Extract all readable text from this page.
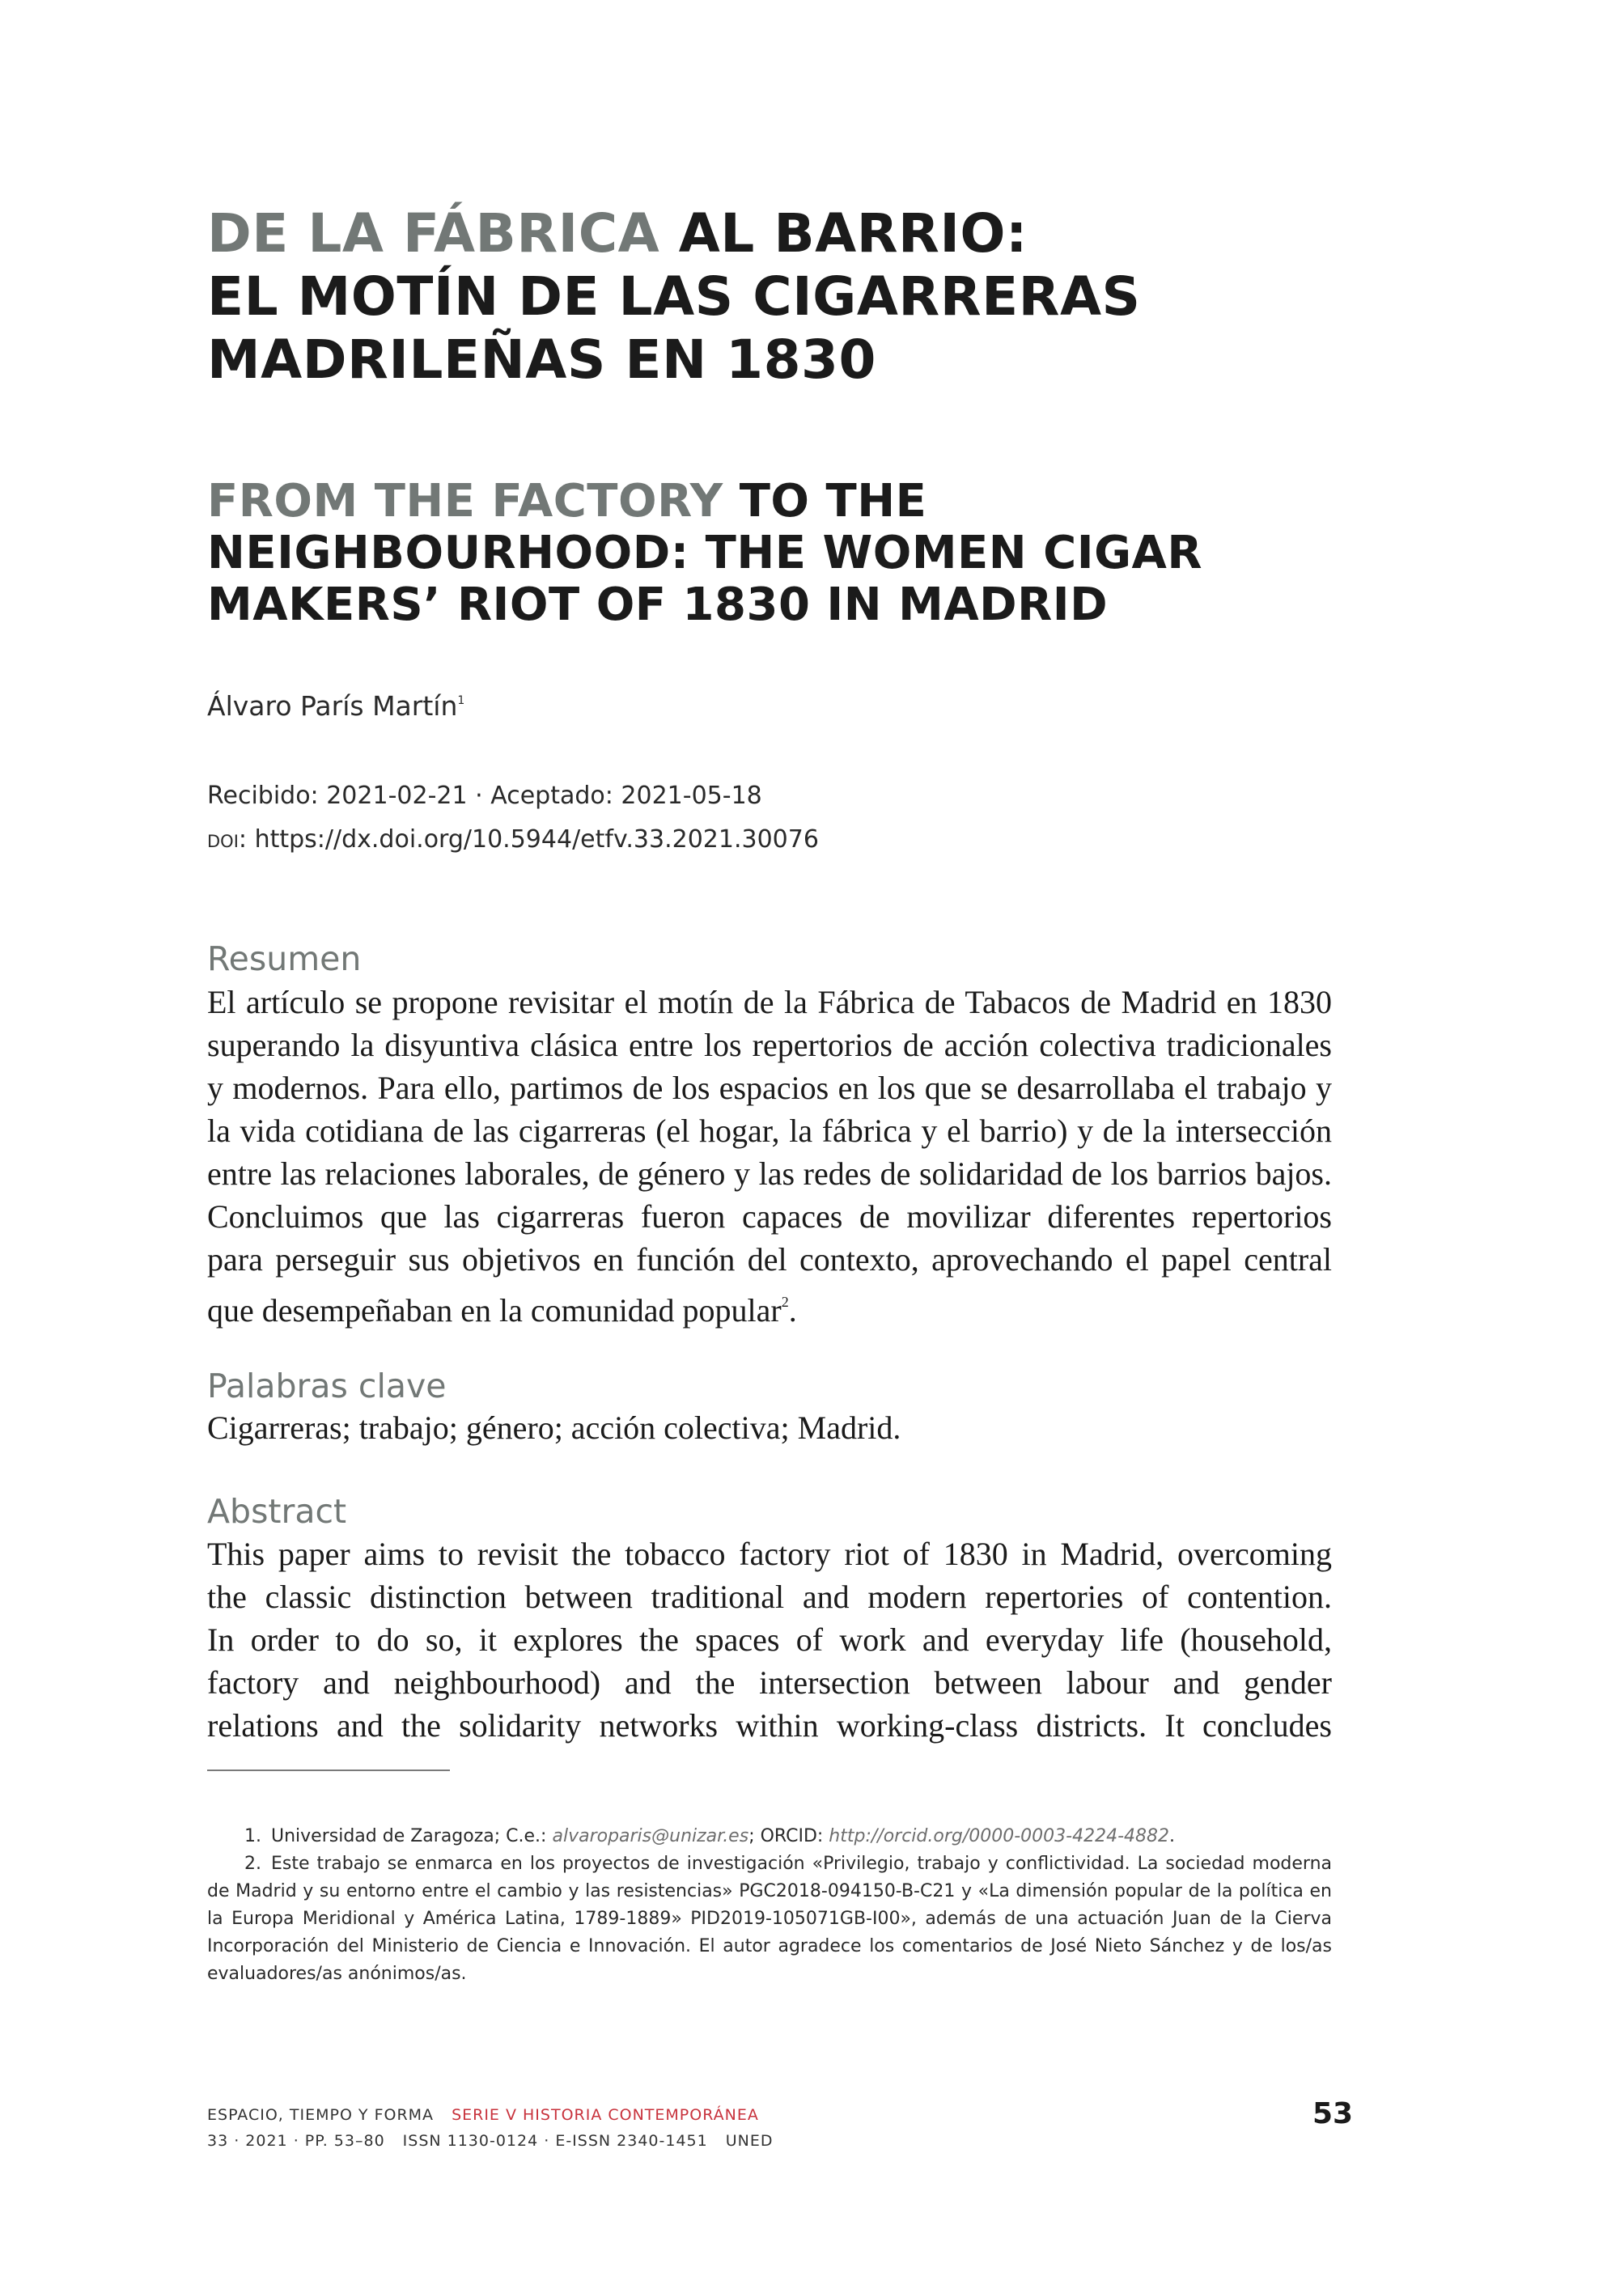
DE LA FÁBRICA AL BARRIO:
EL MOTÍN DE LAS CIGARRERAS
MADRILEÑAS EN 1830
FROM THE FACTORY TO THE
NEIGHBOURHOOD: THE WOMEN CIGAR
MAKERS’ RIOT OF 1830 IN MADRID
Álvaro París Martín$^1$
Recibido: 2021-02-21 · Aceptado: 2021-05-18
doi: https://dx.doi.org/10.5944/etfv.33.2021.30076
Resumen
El artículo se propone revisitar el motín de la Fábrica de Tabacos de Madrid en 1830
superando la disyuntiva clásica entre los repertorios de acción colectiva tradicionales
y modernos. Para ello, partimos de los espacios en los que se desarrollaba el trabajo y
la vida cotidiana de las cigarreras (el hogar, la fábrica y el barrio) y de la intersección
entre las relaciones laborales, de género y las redes de solidaridad de los barrios bajos.
Concluimos que las cigarreras fueron capaces de movilizar diferentes repertorios
para perseguir sus objetivos en función del contexto, aprovechando el papel central
que desempeñaban en la comunidad popular$^2$.
Palabras clave
Cigarreras; trabajo; género; acción colectiva; Madrid.
Abstract
This paper aims to revisit the tobacco factory riot of 1830 in Madrid, overcoming
the classic distinction between traditional and modern repertories of contention.
In order to do so, it explores the spaces of work and everyday life (household,
factory and neighbourhood) and the intersection between labour and gender
relations and the solidarity networks within working-class districts. It concludes
1. Universidad de Zaragoza; C.e.: alvaroparis@unizar.es; ORCID: http://orcid.org/0000-0003-4224-4882.
2. Este trabajo se enmarca en los proyectos de investigación «Privilegio, trabajo y conflictividad. La sociedad moderna de Madrid y su entorno entre el cambio y las resistencias» PGC2018-094150-B-C21 y «La dimensión popular de la política en la Europa Meridional y América Latina, 1789-1889» PID2019-105071GB-I00», además de una actuación Juan de la Cierva Incorporación del Ministerio de Ciencia e Innovación. El autor agradece los comentarios de José Nieto Sánchez y de los/as evaluadores/as anónimos/as.
ESPACIO, TIEMPO Y FORMA SERIE V HISTORIA CONTEMPORÁNEA
33 · 2021 · PP. 53–80 ISSN 1130-0124 · E-ISSN 2340-1451 UNED
53
